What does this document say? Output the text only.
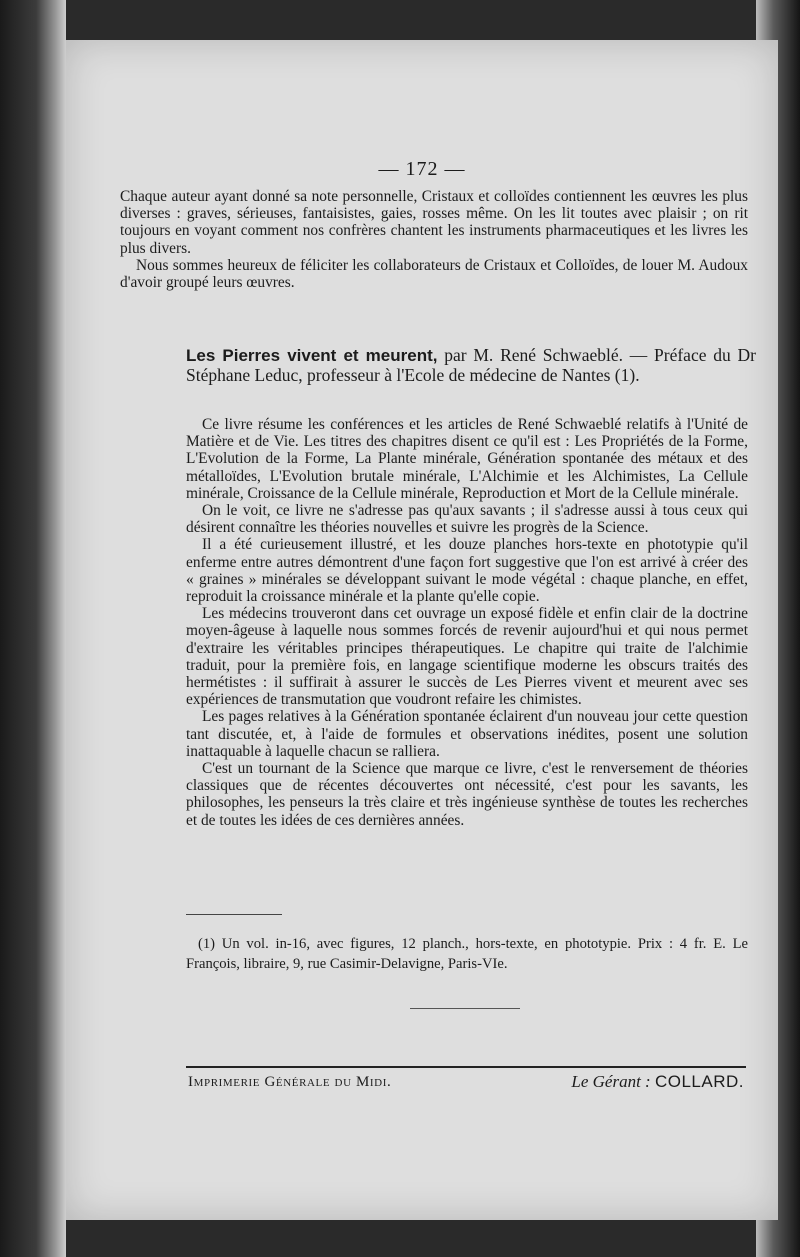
— 172 —

Chaque auteur ayant donné sa note personnelle, Cristaux et colloïdes contiennent les œuvres les plus diverses : graves, sérieuses, fantaisistes, gaies, rosses même. On les lit toutes avec plaisir ; on rit toujours en voyant comment nos confrères chantent les instruments pharmaceutiques et les livres les plus divers.

Nous sommes heureux de féliciter les collaborateurs de Cristaux et Colloïdes, de louer M. Audoux d'avoir groupé leurs œuvres.

Les Pierres vivent et meurent, par M. René Schwaeblé. — Préface du Dr Stéphane Leduc, professeur à l'Ecole de médecine de Nantes (1).

Ce livre résume les conférences et les articles de René Schwaeblé relatifs à l'Unité de Matière et de Vie. Les titres des chapitres disent ce qu'il est : Les Propriétés de la Forme, L'Evolution de la Forme, La Plante minérale, Génération spontanée des métaux et des métalloïdes, L'Evolution brutale minérale, L'Alchimie et les Alchimistes, La Cellule minérale, Croissance de la Cellule minérale, Reproduction et Mort de la Cellule minérale.

On le voit, ce livre ne s'adresse pas qu'aux savants ; il s'adresse aussi à tous ceux qui désirent connaître les théories nouvelles et suivre les progrès de la Science.

Il a été curieusement illustré, et les douze planches hors-texte en phototypie qu'il enferme entre autres démontrent d'une façon fort suggestive que l'on est arrivé à créer des « graines » minérales se développant suivant le mode végétal : chaque planche, en effet, reproduit la croissance minérale et la plante qu'elle copie.

Les médecins trouveront dans cet ouvrage un exposé fidèle et enfin clair de la doctrine moyen-âgeuse à laquelle nous sommes forcés de revenir aujourd'hui et qui nous permet d'extraire les véritables principes thérapeutiques. Le chapitre qui traite de l'alchimie traduit, pour la première fois, en langage scientifique moderne les obscurs traités des hermétistes : il suffirait à assurer le succès de Les Pierres vivent et meurent avec ses expériences de transmutation que voudront refaire les chimistes.

Les pages relatives à la Génération spontanée éclairent d'un nouveau jour cette question tant discutée, et, à l'aide de formules et observations inédites, posent une solution inattaquable à laquelle chacun se ralliera.

C'est un tournant de la Science que marque ce livre, c'est le renversement de théories classiques que de récentes découvertes ont nécessité, c'est pour les savants, les philosophes, les penseurs la très claire et très ingénieuse synthèse de toutes les recherches et de toutes les idées de ces dernières années.

(1) Un vol. in-16, avec figures, 12 planch., hors-texte, en phototypie. Prix : 4 fr. E. Le François, libraire, 9, rue Casimir-Delavigne, Paris-VIe.

Imprimerie Générale du Midi.	Le Gérant : COLLARD.
